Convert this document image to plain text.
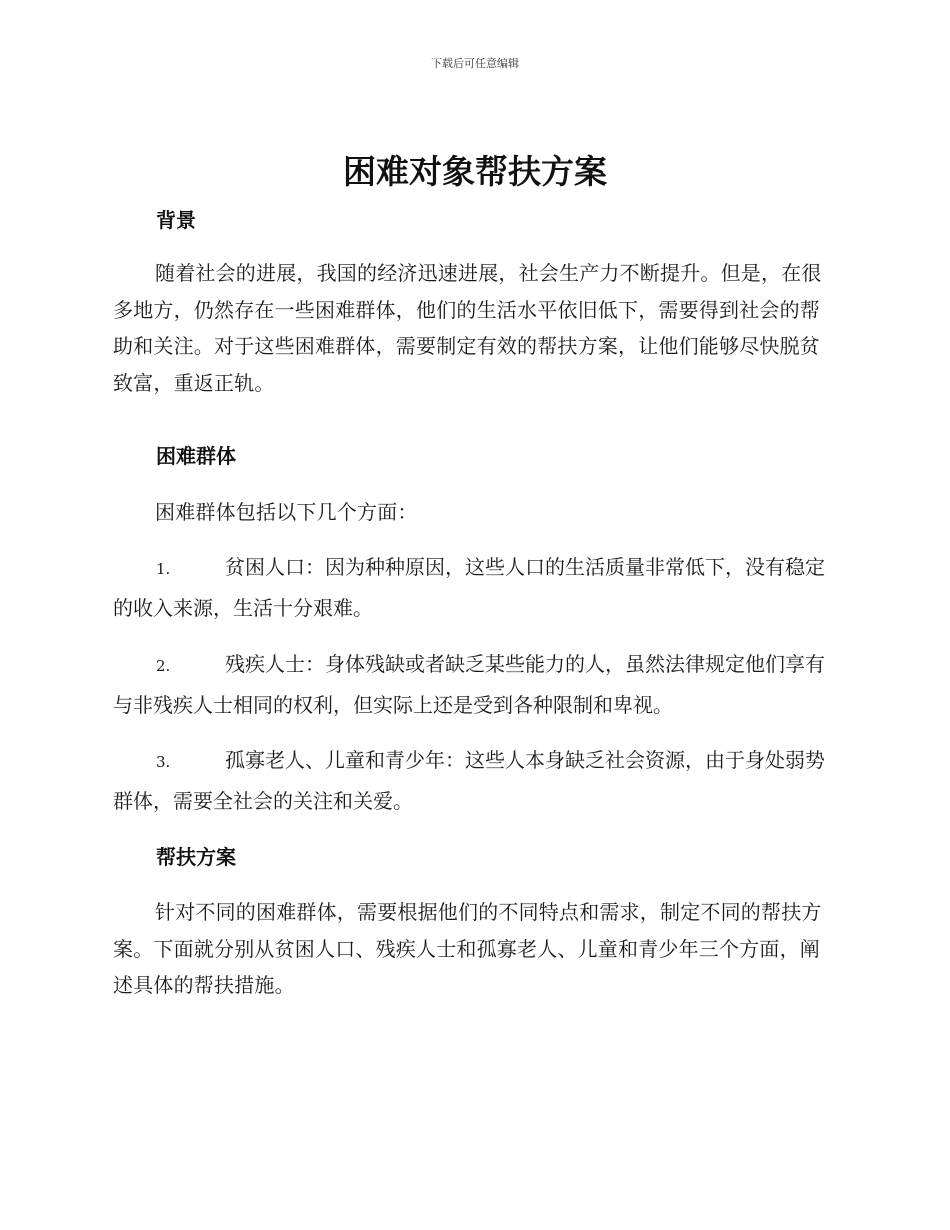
下载后可任意编辑
困难对象帮扶方案
背景

随着社会的进展，我国的经济迅速进展，社会生产力不断提升。但是，在很多地方，仍然存在一些困难群体，他们的生活水平依旧低下，需要得到社会的帮助和关注。对于这些困难群体，需要制定有效的帮扶方案，让他们能够尽快脱贫致富，重返正轨。

困难群体

困难群体包括以下几个方面：

1.	贫困人口：因为种种原因，这些人口的生活质量非常低下，没有稳定的收入来源，生活十分艰难。
2.	残疾人士：身体残缺或者缺乏某些能力的人，虽然法律规定他们享有与非残疾人士相同的权利，但实际上还是受到各种限制和卑视。
3.	孤寡老人、儿童和青少年：这些人本身缺乏社会资源，由于身处弱势群体，需要全社会的关注和关爱。
帮扶方案

针对不同的困难群体，需要根据他们的不同特点和需求，制定不同的帮扶方案。下面就分别从贫困人口、残疾人士和孤寡老人、儿童和青少年三个方面，阐述具体的帮扶措施。
